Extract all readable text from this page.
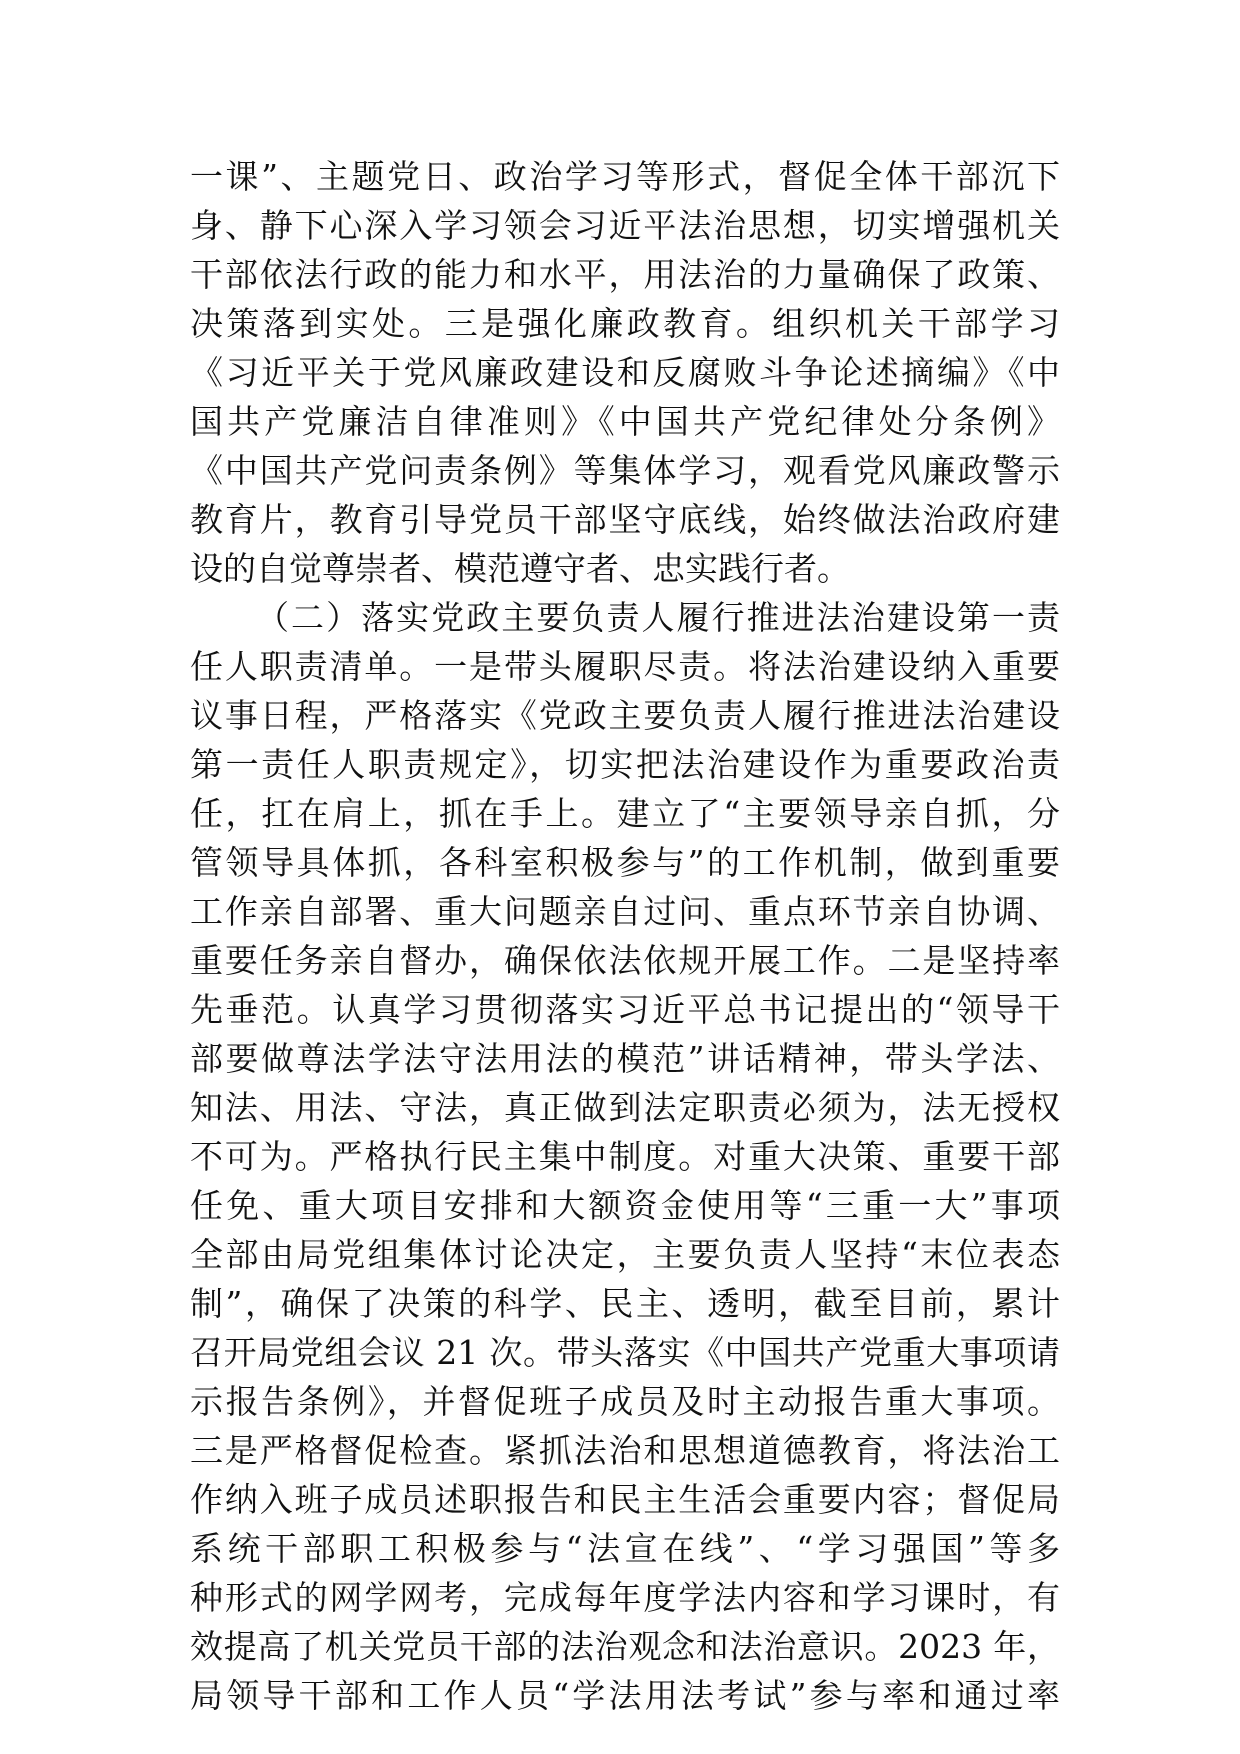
一课”、主题党日、政治学习等形式，督促全体干部沉下
身、静下心深入学习领会习近平法治思想，切实增强机关
干部依法行政的能力和水平，用法治的力量确保了政策、
决策落到实处。三是强化廉政教育。组织机关干部学习
《习近平关于党风廉政建设和反腐败斗争论述摘编》《中
国共产党廉洁自律准则》《中国共产党纪律处分条例》
《中国共产党问责条例》等集体学习，观看党风廉政警示
教育片，教育引导党员干部坚守底线，始终做法治政府建
设的自觉尊崇者、模范遵守者、忠实践行者。
（二）落实党政主要负责人履行推进法治建设第一责
任人职责清单。一是带头履职尽责。将法治建设纳入重要
议事日程，严格落实《党政主要负责人履行推进法治建设
第一责任人职责规定》，切实把法治建设作为重要政治责
任，扛在肩上，抓在手上。建立了“主要领导亲自抓，分
管领导具体抓，各科室积极参与”的工作机制，做到重要
工作亲自部署、重大问题亲自过问、重点环节亲自协调、
重要任务亲自督办，确保依法依规开展工作。二是坚持率
先垂范。认真学习贯彻落实习近平总书记提出的“领导干
部要做尊法学法守法用法的模范”讲话精神，带头学法、
知法、用法、守法，真正做到法定职责必须为，法无授权
不可为。严格执行民主集中制度。对重大决策、重要干部
任免、重大项目安排和大额资金使用等“三重一大”事项
全部由局党组集体讨论决定，主要负责人坚持“末位表态
制”，确保了决策的科学、民主、透明，截至目前，累计
召开局党组会议 21 次。带头落实《中国共产党重大事项请
示报告条例》，并督促班子成员及时主动报告重大事项。
三是严格督促检查。紧抓法治和思想道德教育，将法治工
作纳入班子成员述职报告和民主生活会重要内容；督促局
系统干部职工积极参与“法宣在线”、“学习强国”等多
种形式的网学网考，完成每年度学法内容和学习课时，有
效提高了机关党员干部的法治观念和法治意识。2023 年，
局领导干部和工作人员“学法用法考试”参与率和通过率
